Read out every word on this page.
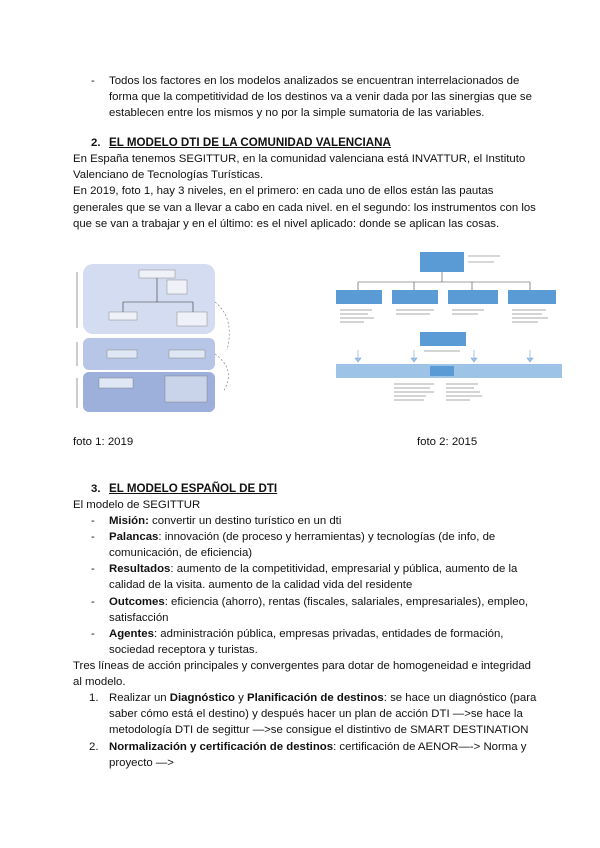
-	Todos los factores en los modelos analizados se encuentran interrelacionados de

forma que la competitividad de los destinos va a venir dada por las sinergias que se

establecen entre los mismos y no por la simple sumatoria de las variables.

2. EL MODELO DTI DE LA COMUNIDAD VALENCIANA

En España tenemos SEGITTUR, en la comunidad valenciana está INVATTUR, el Instituto

Valenciano de Tecnologías Turísticas.

En 2019, foto 1, hay 3 niveles, en el primero: en cada uno de ellos están las pautas

generales que se van a llevar a cabo en cada nivel. en el segundo: los instrumentos con los

que se van a trabajar y en el último: es el nivel aplicado: donde se aplican las cosas.

foto 1: 2019	foto 2: 2015
3. EL MODELO ESPAÑOL DE DTI

El modelo de SEGITTUR

-	Misión: convertir un destino turístico en un dti

-	Palancas: innovación (de proceso y herramientas) y tecnologías (de info, de

comunicación, de eficiencia)

-	Resultados: aumento de la competitividad, empresarial y pública, aumento de la

calidad de la visita. aumento de la calidad vida del residente

-	Outcomes: eficiencia (ahorro), rentas (fiscales, salariales, empresariales), empleo,

satisfacción

-	Agentes: administración pública, empresas privadas, entidades de formación,

sociedad receptora y turistas.

Tres líneas de acción principales y convergentes para dotar de homogeneidad e integridad

al modelo.

1. Realizar un Diagnóstico y Planificación de destinos: se hace un diagnóstico (para

saber cómo está el destino) y después hacer un plan de acción DTI —>se hace la

metodología DTI de segittur —>se consigue el distintivo de SMART DESTINATION

2. Normalización y certificación de destinos: certificación de AENOR—-> Norma y

proyecto —>
